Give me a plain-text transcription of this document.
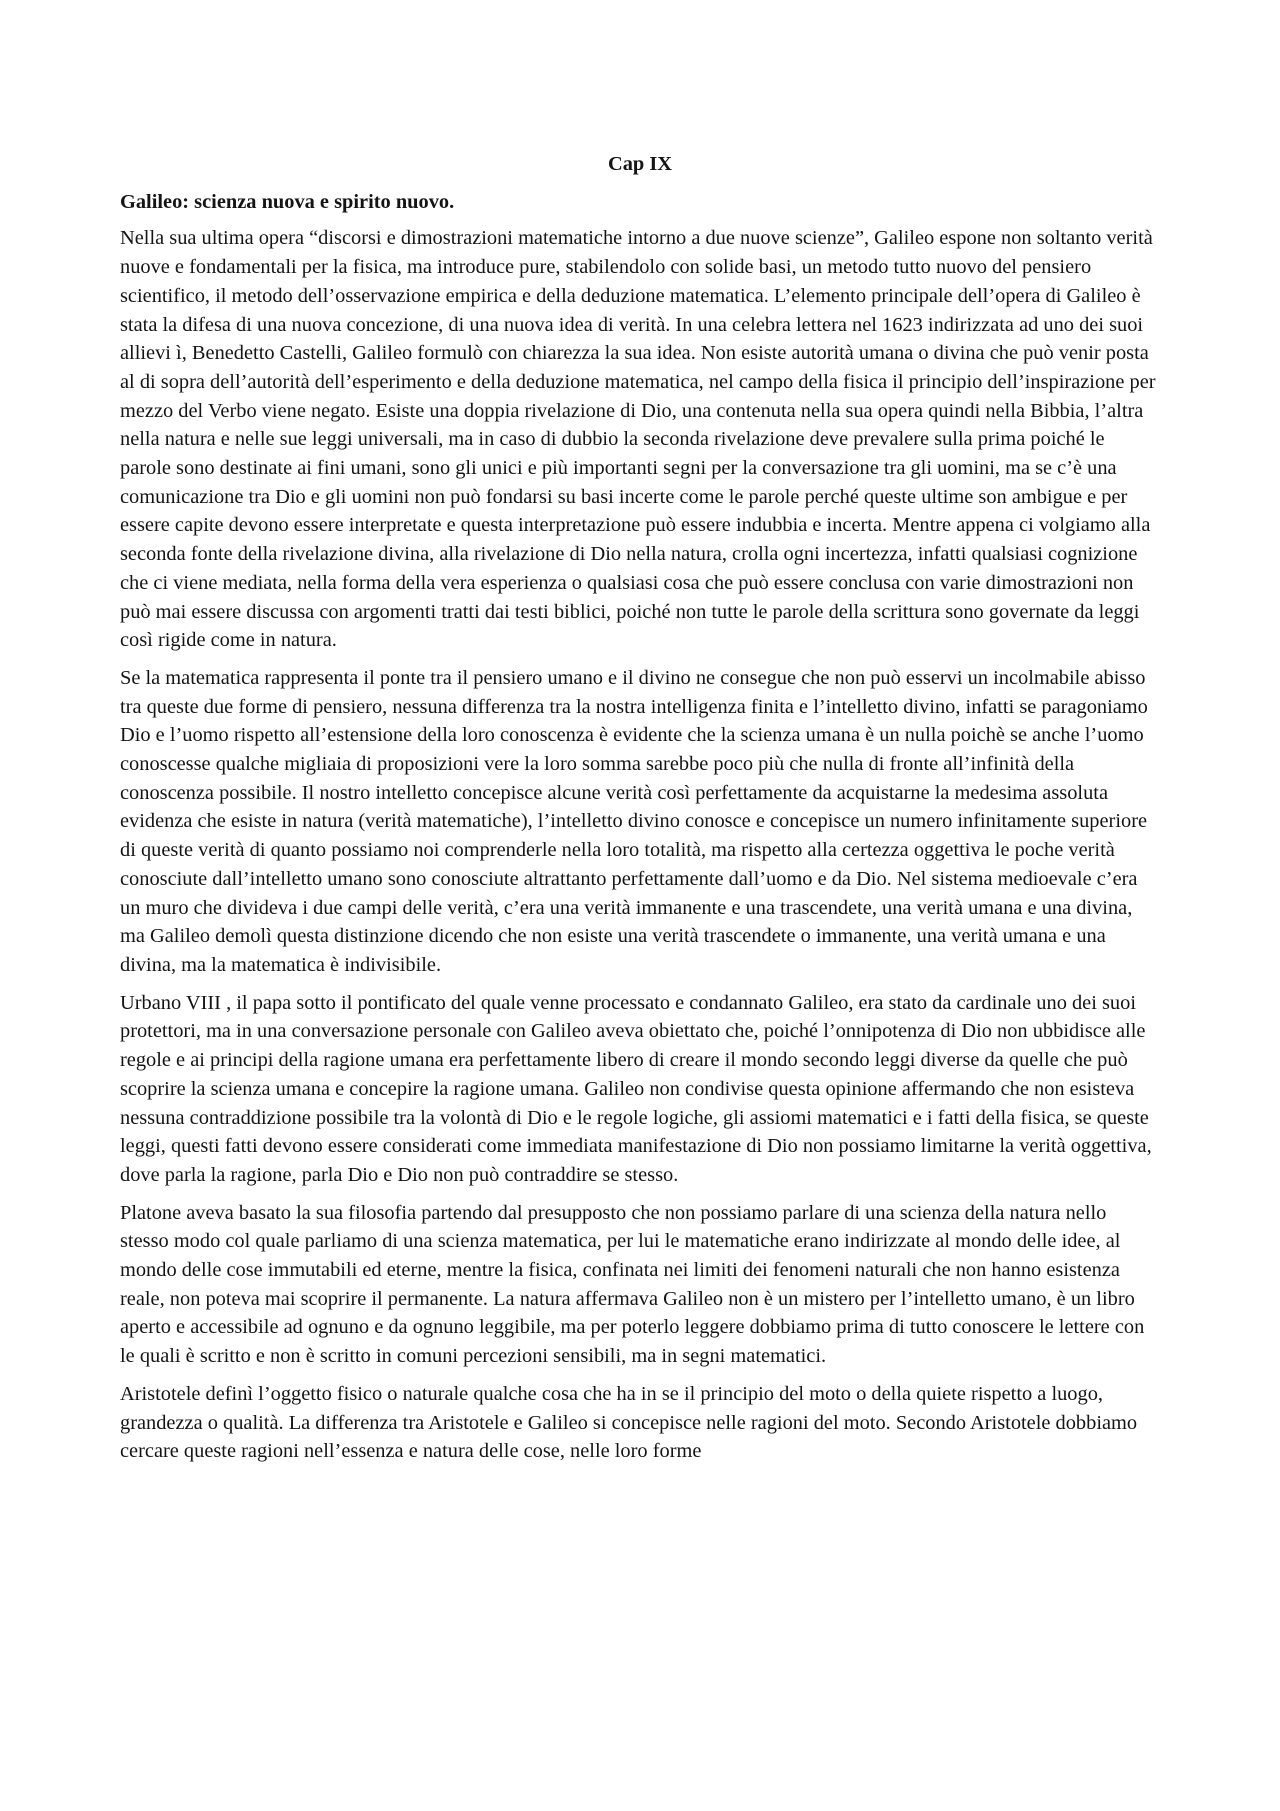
Cap IX
Galileo: scienza nuova e spirito nuovo.

Nella sua ultima opera “discorsi e dimostrazioni matematiche intorno a due nuove scienze”, Galileo espone non soltanto verità nuove e fondamentali per la fisica, ma introduce pure, stabilendolo con solide basi, un metodo tutto nuovo del pensiero scientifico, il metodo dell’osservazione empirica e della deduzione matematica. L’elemento principale dell’opera di Galileo è stata la difesa di una nuova concezione, di una nuova idea di verità. In una celebra lettera nel 1623 indirizzata ad uno dei suoi allievi ì, Benedetto Castelli, Galileo formulò con chiarezza la sua idea. Non esiste autorità umana o divina che può venir posta al di sopra dell’autorità dell’esperimento e della deduzione matematica, nel campo della fisica il principio dell’inspirazione per mezzo del Verbo viene negato. Esiste una doppia rivelazione di Dio, una contenuta nella sua opera quindi nella Bibbia, l’altra nella natura e nelle sue leggi universali, ma in caso di dubbio la seconda rivelazione deve prevalere sulla prima poiché le parole sono destinate ai fini umani, sono gli unici e più importanti segni per la conversazione tra gli uomini, ma se c’è una comunicazione tra Dio e gli uomini non può fondarsi su basi incerte come le parole perché queste ultime son ambigue e per essere capite devono essere interpretate e questa interpretazione può essere indubbia e incerta. Mentre appena ci volgiamo alla seconda fonte della rivelazione divina, alla rivelazione di Dio nella natura, crolla ogni incertezza, infatti qualsiasi cognizione che ci viene mediata, nella forma della vera esperienza o qualsiasi cosa che può essere conclusa con varie dimostrazioni non può mai essere discussa con argomenti tratti dai testi biblici, poiché non tutte le parole della scrittura sono governate da leggi così rigide come in natura.

Se la matematica rappresenta il ponte tra il pensiero umano e il divino ne consegue che non può esservi un incolmabile abisso tra queste due forme di pensiero, nessuna differenza tra la nostra intelligenza finita e l’intelletto divino, infatti se paragoniamo Dio e l’uomo rispetto all’estensione della loro conoscenza è evidente che la scienza umana è un nulla poichè se anche l’uomo conoscesse qualche migliaia di proposizioni vere la loro somma sarebbe poco più che nulla di fronte all’infinità della conoscenza possibile. Il nostro intelletto concepisce alcune verità così perfettamente da acquistarne la medesima assoluta evidenza che esiste in natura (verità matematiche), l’intelletto divino conosce e concepisce un numero infinitamente superiore di queste verità di quanto possiamo noi comprenderle nella loro totalità, ma rispetto alla certezza oggettiva le poche verità conosciute dall’intelletto umano sono conosciute altrattanto perfettamente dall’uomo e da Dio. Nel sistema medioevale c’era un muro che divideva i due campi delle verità, c’era una verità immanente e una trascendete, una verità umana e una divina, ma Galileo demolì questa distinzione dicendo che non esiste una verità trascendete o immanente, una verità umana e una divina, ma la matematica è indivisibile.

Urbano VIII , il papa sotto il pontificato del quale venne processato e condannato Galileo, era stato da cardinale uno dei suoi protettori, ma in una conversazione personale con Galileo aveva obiettato che, poiché l’onnipotenza di Dio non ubbidisce alle regole e ai principi della ragione umana era perfettamente libero di creare il mondo secondo leggi diverse da quelle che può scoprire la scienza umana e concepire la ragione umana. Galileo non condivise questa opinione affermando che non esisteva nessuna contraddizione possibile tra la volontà di Dio e le regole logiche, gli assiomi matematici e i fatti della fisica, se queste leggi, questi fatti devono essere considerati come immediata manifestazione di Dio non possiamo limitarne la verità oggettiva, dove parla la ragione, parla Dio e Dio non può contraddire se stesso.

Platone aveva basato la sua filosofia partendo dal presupposto che non possiamo parlare di una scienza della natura nello stesso modo col quale parliamo di una scienza matematica, per lui le matematiche erano indirizzate al mondo delle idee, al mondo delle cose immutabili ed eterne, mentre la fisica, confinata nei limiti dei fenomeni naturali che non hanno esistenza reale, non poteva mai scoprire il permanente. La natura affermava Galileo non è un mistero per l’intelletto umano, è un libro aperto e accessibile ad ognuno e da ognuno leggibile, ma per poterlo leggere dobbiamo prima di tutto conoscere le lettere con le quali è scritto e non è scritto in comuni percezioni sensibili, ma in segni matematici.

Aristotele definì l’oggetto fisico o naturale qualche cosa che ha in se il principio del moto o della quiete rispetto a luogo, grandezza o qualità. La differenza tra Aristotele e Galileo si concepisce nelle ragioni del moto. Secondo Aristotele dobbiamo cercare queste ragioni nell’essenza e natura delle cose, nelle loro forme
